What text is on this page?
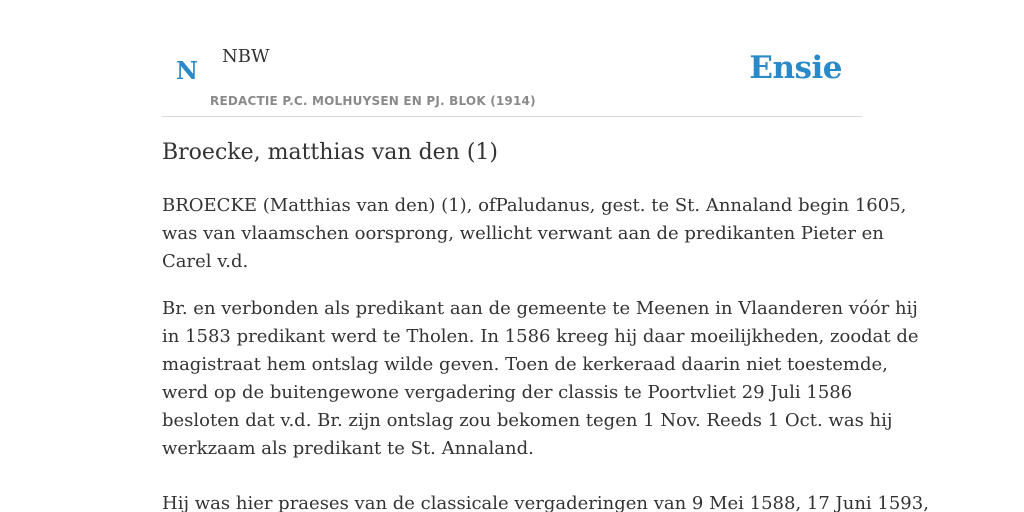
N NBW
REDACTIE P.C. MOLHUYSEN EN PJ. BLOK (1914)
Ensie
Broecke, matthias van den (1)

BROECKE (Matthias van den) (1), ofPaludanus, gest. te St. Annaland begin 1605,
was van vlaamschen oorsprong, wellicht verwant aan de predikanten Pieter en
Carel v.d.

Br. en verbonden als predikant aan de gemeente te Meenen in Vlaanderen vóór hij
in 1583 predikant werd te Tholen. In 1586 kreeg hij daar moeilijkheden, zoodat de
magistraat hem ontslag wilde geven. Toen de kerkeraad daarin niet toestemde,
werd op de buitengewone vergadering der classis te Poortvliet 29 Juli 1586
besloten dat v.d. Br. zijn ontslag zou bekomen tegen 1 Nov. Reeds 1 Oct. was hij
werkzaam als predikant te St. Annaland.

Hij was hier praeses van de classicale vergaderingen van 9 Mei 1588, 17 Juni 1593,
